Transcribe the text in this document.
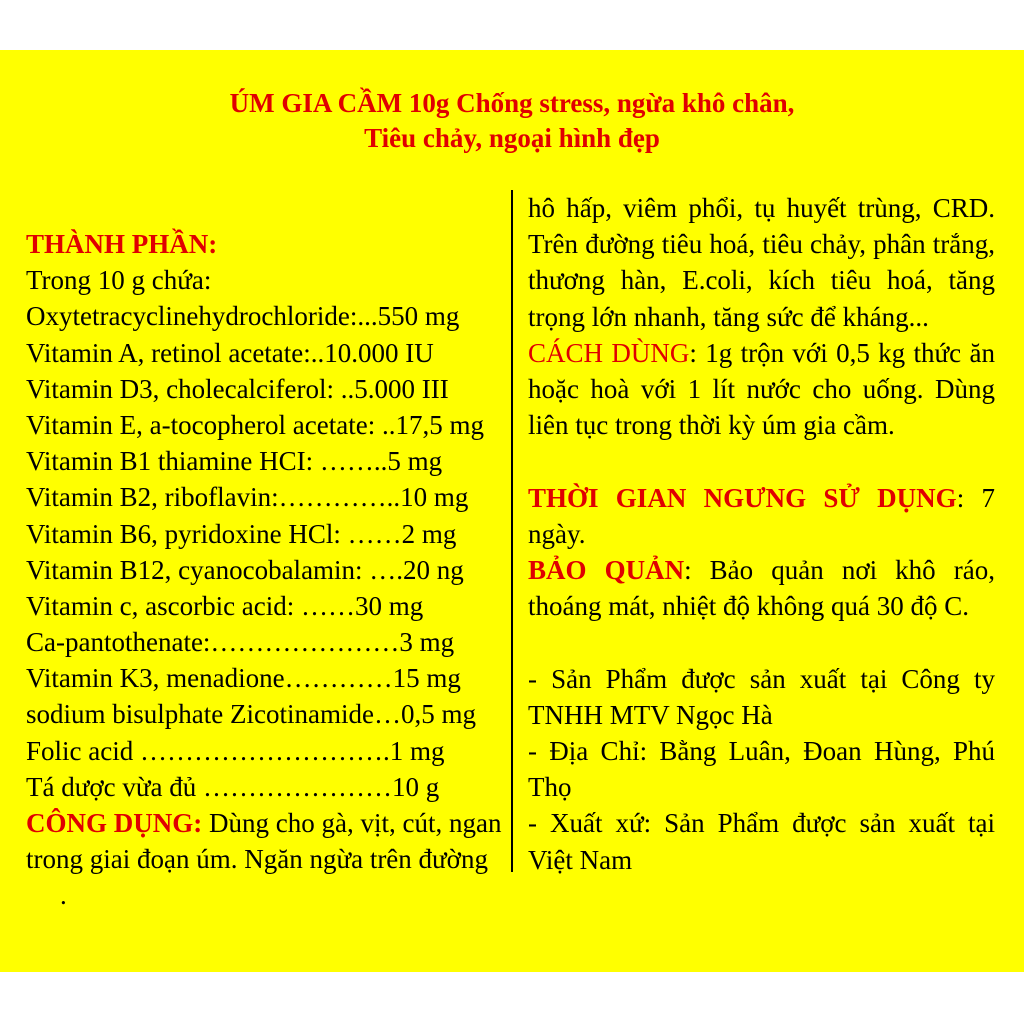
ÚM GIA CẦM 10g Chống stress, ngừa khô chân,
Tiêu chảy, ngoại hình đẹp
THÀNH PHẦN:
Trong 10 g chứa:
Oxytetracyclinehydrochloride:...550 mg
Vitamin A, retinol acetate:..10.000 IU
Vitamin D3, cholecalciferol: ..5.000 III
Vitamin E, a-tocopherol acetate: ..17,5 mg
Vitamin B1 thiamine HCI: ……..5 mg
Vitamin B2, riboflavin:…………..10 mg
Vitamin B6, pyridoxine HCl: ……2 mg
Vitamin B12, cyanocobalamin: ….20 ng
Vitamin c, ascorbic acid: ……30 mg
Ca-pantothenate:…………………3 mg
Vitamin K3, menadione…………15 mg
sodium bisulphate Zicotinamide…0,5 mg
Folic acid ……………………….1 mg
Tá dược vừa đủ …………………10 g
CÔNG DỤNG: Dùng cho gà, vịt, cút, ngan trong giai đoạn úm. Ngăn ngừa trên đường
.

hô hấp, viêm phổi, tụ huyết trùng, CRD. Trên đường tiêu hoá, tiêu chảy, phân trắng, thương hàn, E.coli, kích tiêu hoá, tăng trọng lớn nhanh, tăng sức để kháng...

CÁCH DÙNG: 1g trộn với 0,5 kg thức ăn hoặc hoà với 1 lít nước cho uống. Dùng liên tục trong thời kỳ úm gia cầm.

THỜI GIAN NGƯNG SỬ DỤNG: 7 ngày.

BẢO QUẢN: Bảo quản nơi khô ráo, thoáng mát, nhiệt độ không quá 30 độ C.

- Sản Phẩm được sản xuất tại Công ty TNHH MTV Ngọc Hà

- Địa Chỉ: Bằng Luân, Đoan Hùng, Phú Thọ

- Xuất xứ: Sản Phẩm được sản xuất tại Việt Nam
